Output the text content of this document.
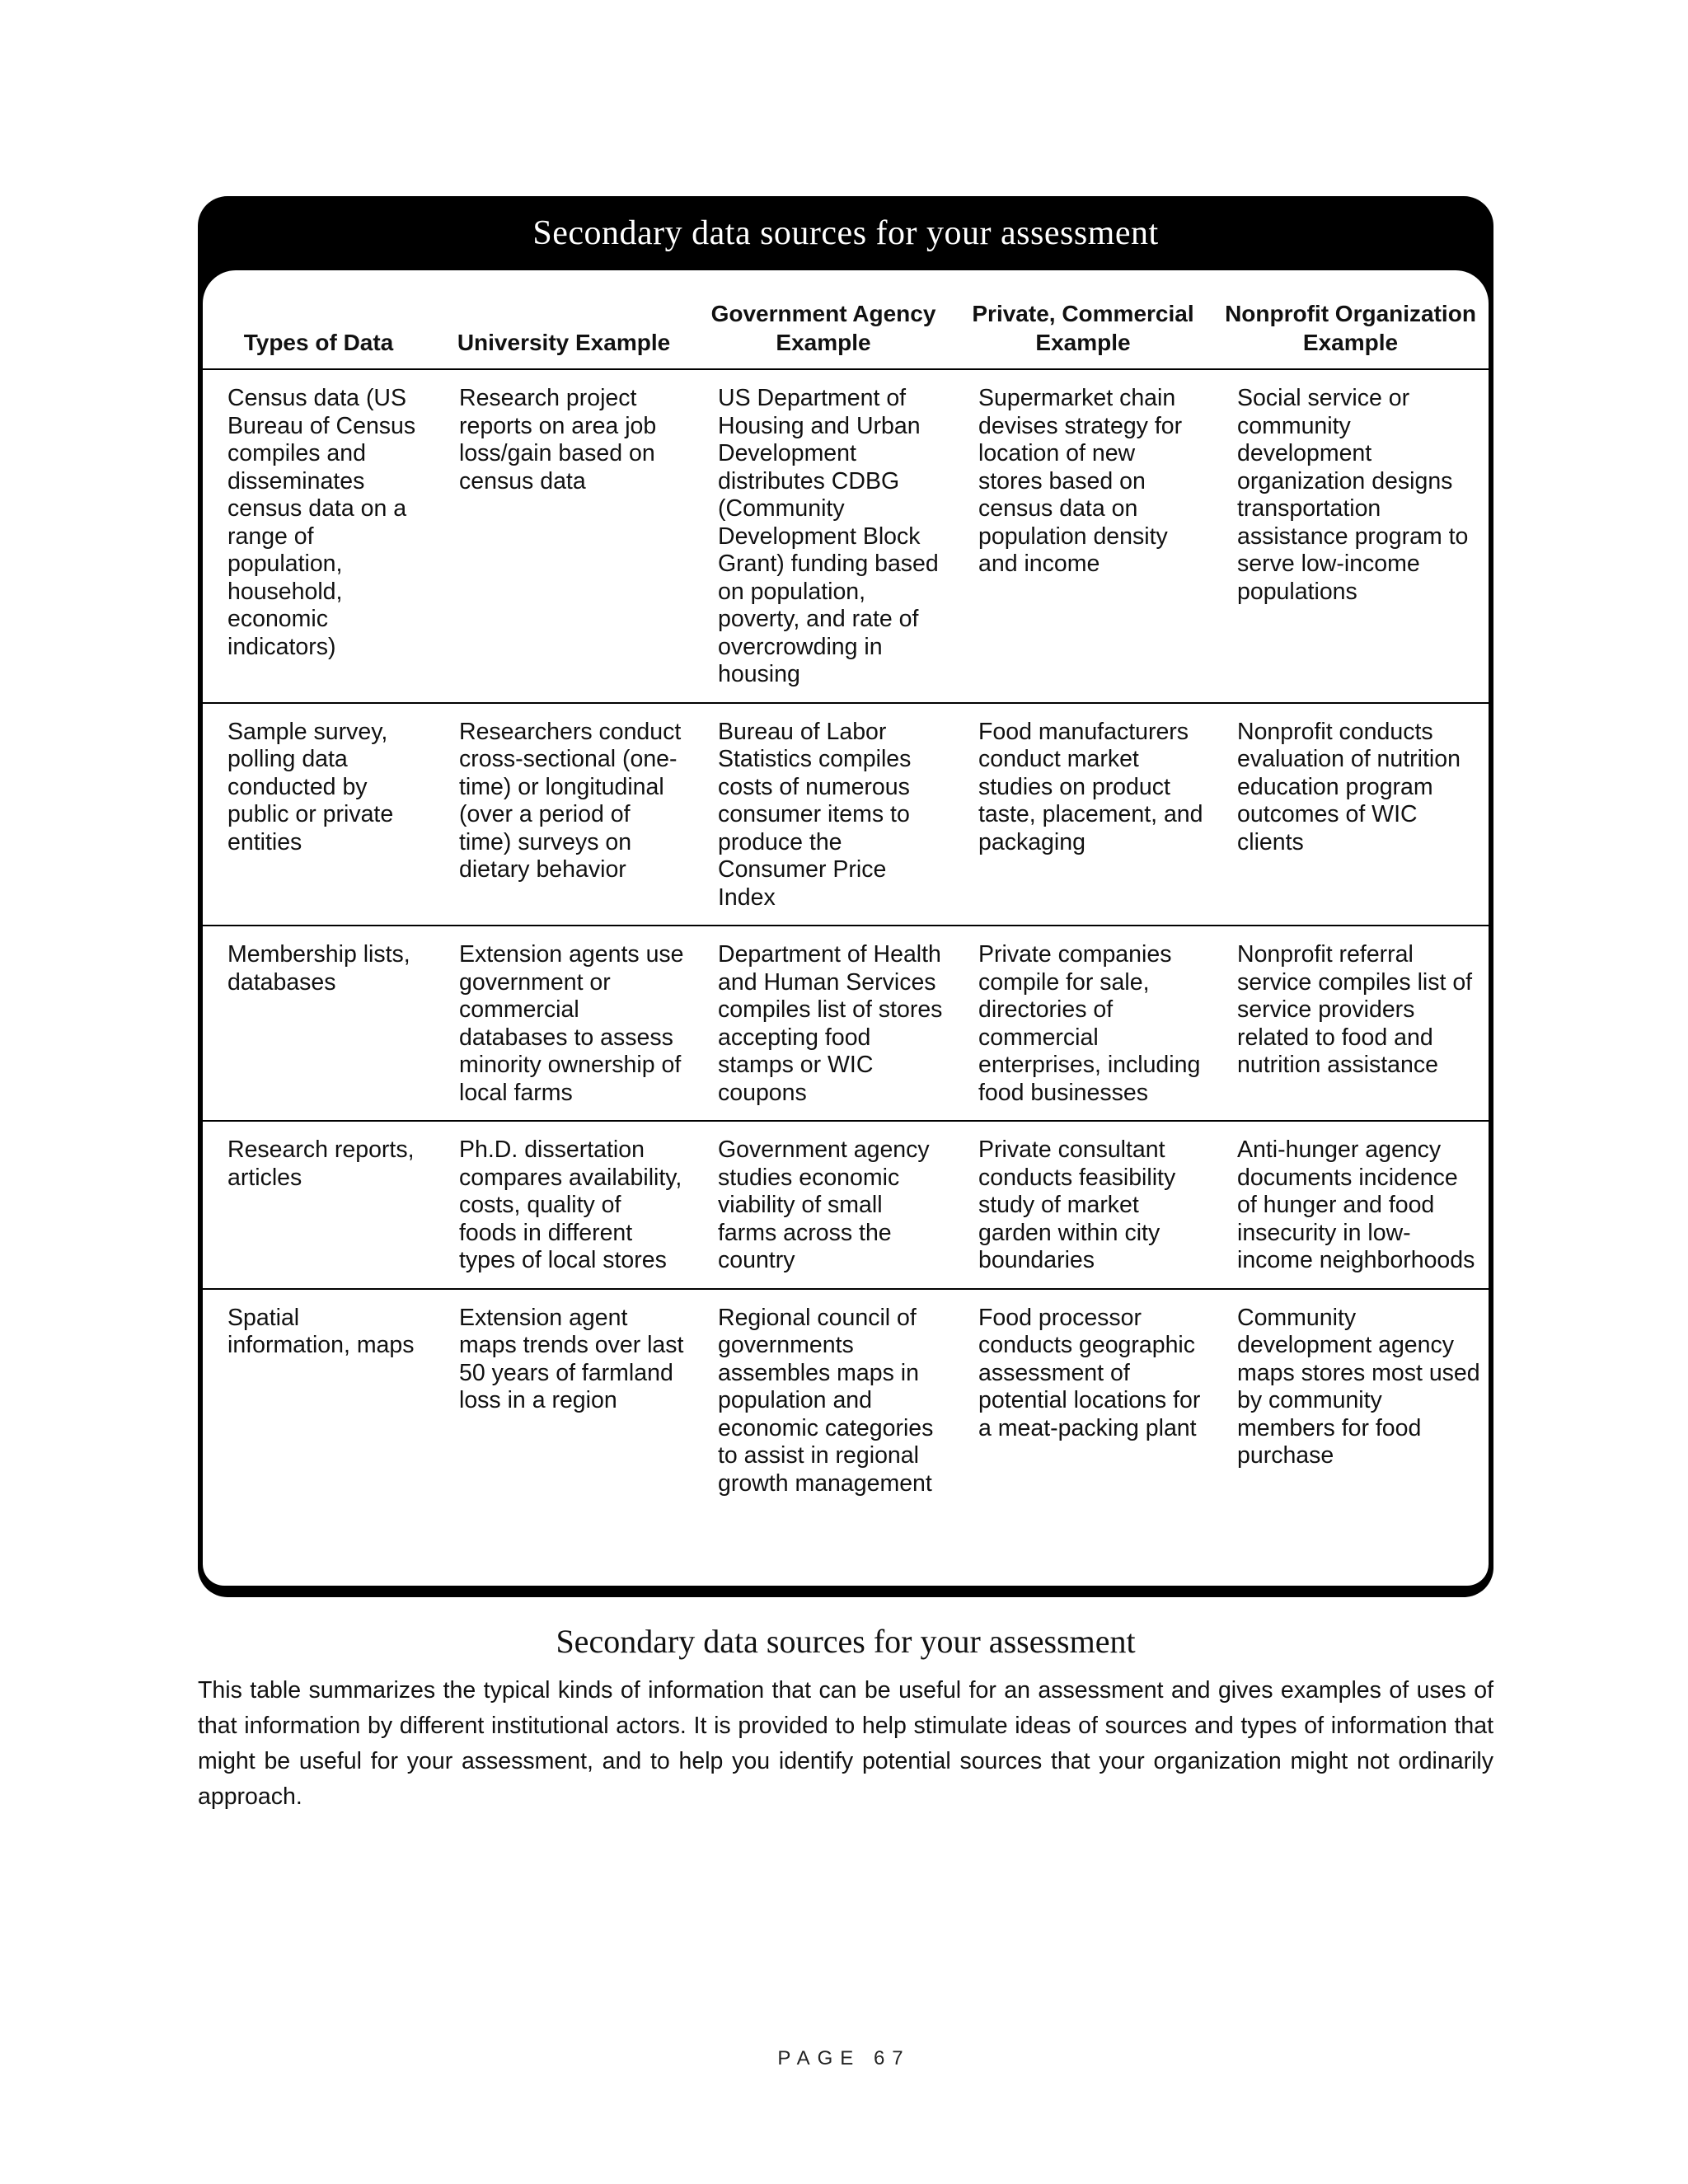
Secondary data sources for your assessment
Types of Data	University Example	Government Agency Example	Private, Commercial Example	Nonprofit Organization Example
Census data (US Bureau of Census compiles and disseminates census data on a range of population, household, economic indicators)	Research project reports on area job loss/gain based on census data	US Department of Housing and Urban Development distributes CDBG (Community Development Block Grant) funding based on population, poverty, and rate of overcrowding in housing	Supermarket chain devises strategy for location of new stores based on census data on population density and income	Social service or community development organization designs transportation assistance program to serve low-income populations
Sample survey, polling data conducted by public or private entities	Researchers conduct cross-sectional (one-time) or longitudinal (over a period of time) surveys on dietary behavior	Bureau of Labor Statistics compiles costs of numerous consumer items to produce the Consumer Price Index	Food manufacturers conduct market studies on product taste, placement, and packaging	Nonprofit conducts evaluation of nutrition education program outcomes of WIC clients
Membership lists, databases	Extension agents use government or commercial databases to assess minority ownership of local farms	Department of Health and Human Services compiles list of stores accepting food stamps or WIC coupons	Private companies compile for sale, directories of commercial enterprises, including food businesses	Nonprofit referral service compiles list of service providers related to food and nutrition assistance
Research reports, articles	Ph.D. dissertation compares availability, costs, quality of foods in different types of local stores	Government agency studies economic viability of small farms across the country	Private consultant conducts feasibility study of market garden within city boundaries	Anti-hunger agency documents incidence of hunger and food insecurity in low-income neighborhoods
Spatial information, maps	Extension agent maps trends over last 50 years of farmland loss in a region	Regional council of governments assembles maps in population and economic categories to assist in regional growth management	Food processor conducts geographic assessment of potential locations for a meat-packing plant	Community development agency maps stores most used by community members for food purchase
Secondary data sources for your assessment
This table summarizes the typical kinds of information that can be useful for an assessment and gives examples of uses of that information by different institutional actors. It is provided to help stimulate ideas of sources and types of information that might be useful for your assessment, and to help you identify potential sources that your organization might not ordinarily approach.
PAGE 67
